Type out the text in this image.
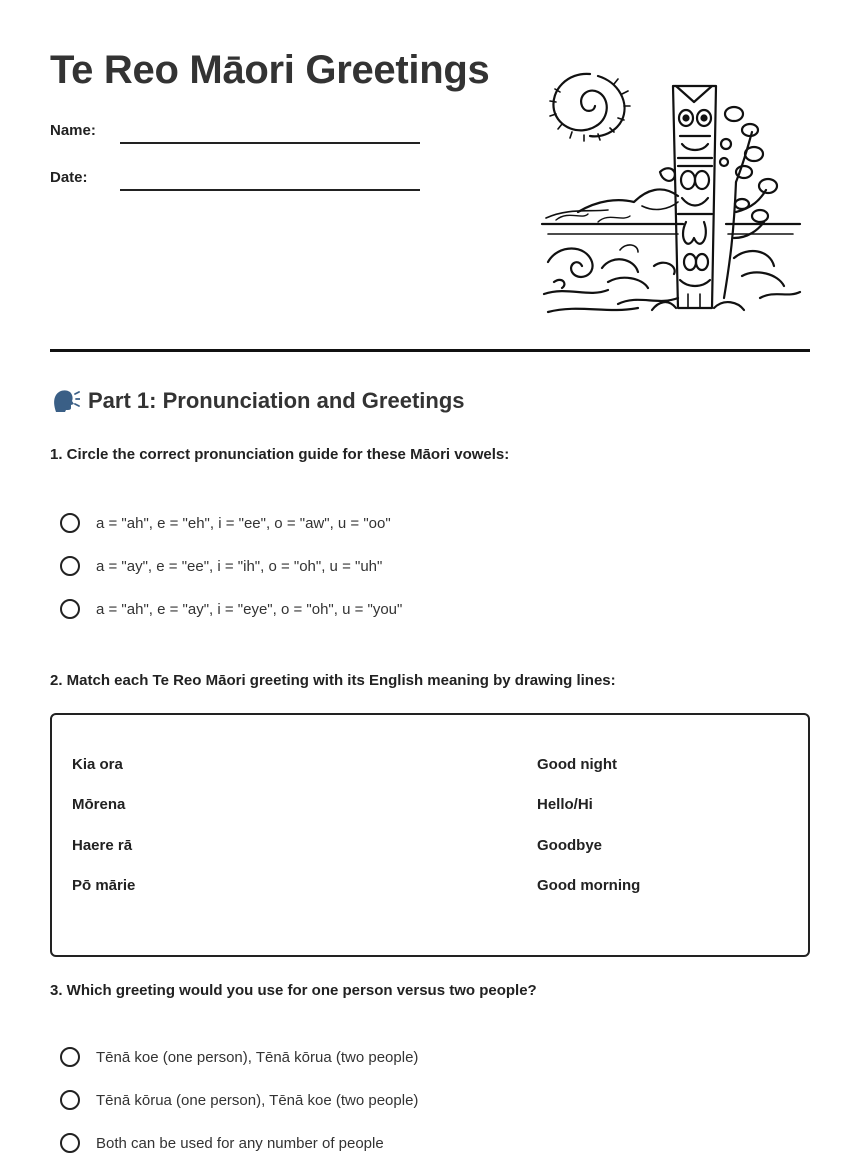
Te Reo Māori Greetings
Name:
Date:
Part 1: Pronunciation and Greetings
1. Circle the correct pronunciation guide for these Māori vowels:
a = "ah", e = "eh", i = "ee", o = "aw", u = "oo"
a = "ay", e = "ee", i = "ih", o = "oh", u = "uh"
a = "ah", e = "ay", i = "eye", o = "oh", u = "you"
2. Match each Te Reo Māori greeting with its English meaning by drawing lines:
Kia ora
Mōrena
Haere rā
Pō mārie
Good night
Hello/Hi
Goodbye
Good morning
3. Which greeting would you use for one person versus two people?
Tēnā koe (one person), Tēnā kōrua (two people)
Tēnā kōrua (one person), Tēnā koe (two people)
Both can be used for any number of people
